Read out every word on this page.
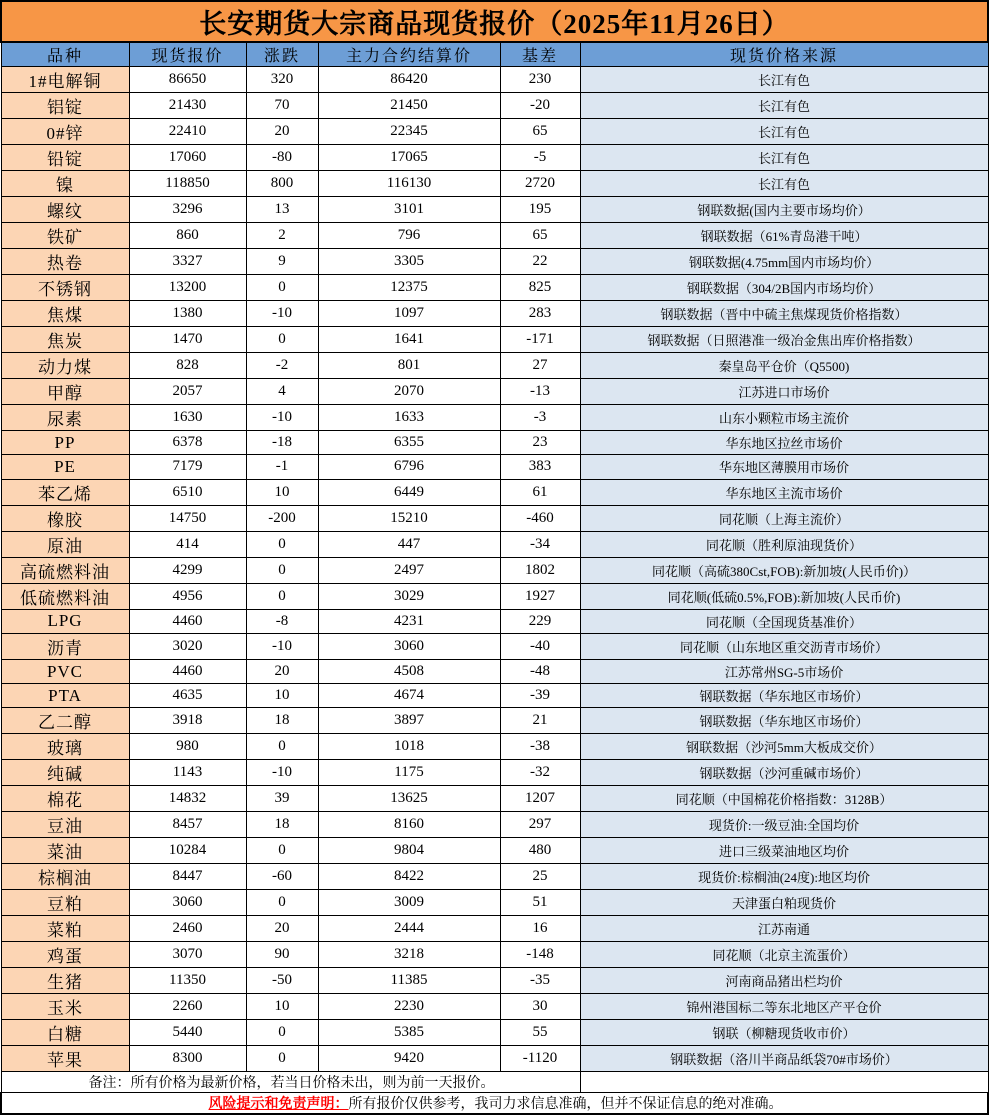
长安期货大宗商品现货报价（2025年11月26日）					
品种	现货报价	涨跌	主力合约结算价	基差	现货价格来源
1#电解铜	86650	320	86420	230	长江有色
铝锭	21430	70	21450	-20	长江有色
0#锌	22410	20	22345	65	长江有色
铅锭	17060	-80	17065	-5	长江有色
镍	118850	800	116130	2720	长江有色
螺纹	3296	13	3101	195	钢联数据(国内主要市场均价）
铁矿	860	2	796	65	钢联数据（61%青岛港干吨）
热卷	3327	9	3305	22	钢联数据(4.75mm国内市场均价）
不锈钢	13200	0	12375	825	钢联数据（304/2B国内市场均价）
焦煤	1380	-10	1097	283	钢联数据（晋中中硫主焦煤现货价格指数）
焦炭	1470	0	1641	-171	钢联数据（日照港准一级冶金焦出库价格指数）
动力煤	828	-2	801	27	秦皇岛平仓价（Q5500)
甲醇	2057	4	2070	-13	江苏进口市场价
尿素	1630	-10	1633	-3	山东小颗粒市场主流价
PP	6378	-18	6355	23	华东地区拉丝市场价
PE	7179	-1	6796	383	华东地区薄膜用市场价
苯乙烯	6510	10	6449	61	华东地区主流市场价
橡胶	14750	-200	15210	-460	同花顺（上海主流价）
原油	414	0	447	-34	同花顺（胜利原油现货价）
高硫燃料油	4299	0	2497	1802	同花顺（高硫380Cst,FOB):新加坡(人民币价)）
低硫燃料油	4956	0	3029	1927	同花顺(低硫0.5%,FOB):新加坡(人民币价)
LPG	4460	-8	4231	229	同花顺（全国现货基准价）
沥青	3020	-10	3060	-40	同花顺（山东地区重交沥青市场价）
PVC	4460	20	4508	-48	江苏常州SG-5市场价
PTA	4635	10	4674	-39	钢联数据（华东地区市场价）
乙二醇	3918	18	3897	21	钢联数据（华东地区市场价）
玻璃	980	0	1018	-38	钢联数据（沙河5mm大板成交价）
纯碱	1143	-10	1175	-32	钢联数据（沙河重碱市场价）
棉花	14832	39	13625	1207	同花顺（中国棉花价格指数：3128B）
豆油	8457	18	8160	297	现货价:一级豆油:全国均价
菜油	10284	0	9804	480	进口三级菜油地区均价
棕榈油	8447	-60	8422	25	现货价:棕榈油(24度):地区均价
豆粕	3060	0	3009	51	天津蛋白粕现货价
菜粕	2460	20	2444	16	江苏南通
鸡蛋	3070	90	3218	-148	同花顺（北京主流蛋价）
生猪	11350	-50	11385	-35	河南商品猪出栏均价
玉米	2260	10	2230	30	锦州港国标二等东北地区产平仓价
白糖	5440	0	5385	55	钢联（柳糖现货收市价）
苹果	8300	0	9420	-1120	钢联数据（洛川半商品纸袋70#市场价）
备注：所有价格为最新价格，若当日价格未出，则为前一天报价。					
风险提示和免责声明：所有报价仅供参考，我司力求信息准确，但并不保证信息的绝对准确。					
